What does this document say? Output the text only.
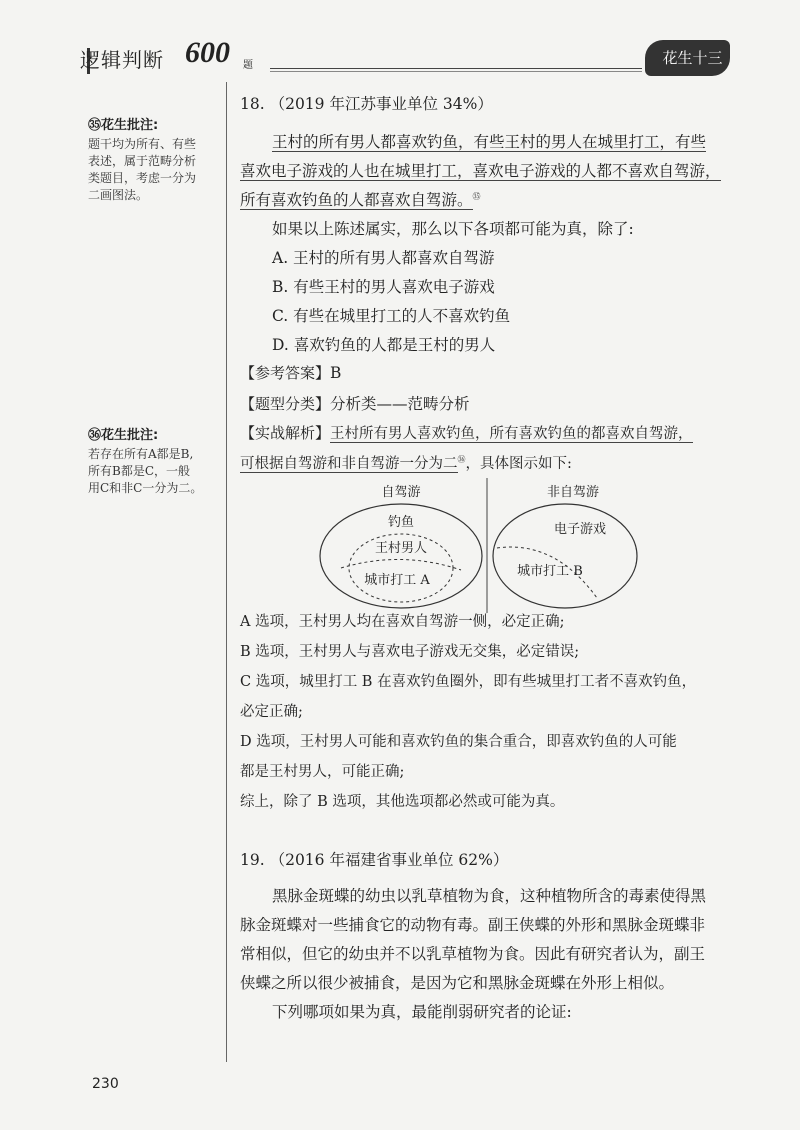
逻辑判断 600 题	花生十三
㉟花生批注:
题干均为所有、有些
表述，属于范畴分析
类题目，考虑一分为
二画图法。
㊱花生批注:
若存在所有A都是B,
所有B都是C，一般
用C和非C一分为二。
18. （2019 年江苏事业单位 34%）
王村的所有男人都喜欢钓鱼，有些王村的男人在城里打工，有些
喜欢电子游戏的人也在城里打工，喜欢电子游戏的人都不喜欢自驾游，
所有喜欢钓鱼的人都喜欢自驾游。$^㉟$
如果以上陈述属实，那么以下各项都可能为真，除了:
A. 王村的所有男人都喜欢自驾游
B. 有些王村的男人喜欢电子游戏
C. 有些在城里打工的人不喜欢钓鱼
D. 喜欢钓鱼的人都是王村的男人
【参考答案】B
【题型分类】分析类——范畴分析
【实战解析】王村所有男人喜欢钓鱼，所有喜欢钓鱼的都喜欢自驾游，
可根据自驾游和非自驾游一分为二$^㊱$，具体图示如下:
自驾游	非自驾游
钓鱼
王村男人
城市打工 A
电子游戏
城市打工 B
A 选项，王村男人均在喜欢自驾游一侧，必定正确;
B 选项，王村男人与喜欢电子游戏无交集，必定错误;
C 选项，城里打工 B 在喜欢钓鱼圈外，即有些城里打工者不喜欢钓鱼，
必定正确;
D 选项，王村男人可能和喜欢钓鱼的集合重合，即喜欢钓鱼的人可能
都是王村男人，可能正确;
综上，除了 B 选项，其他选项都必然或可能为真。
19. （2016 年福建省事业单位 62%）
黑脉金斑蝶的幼虫以乳草植物为食，这种植物所含的毒素使得黑
脉金斑蝶对一些捕食它的动物有毒。副王侠蝶的外形和黑脉金斑蝶非
常相似，但它的幼虫并不以乳草植物为食。因此有研究者认为，副王
侠蝶之所以很少被捕食，是因为它和黑脉金斑蝶在外形上相似。
下列哪项如果为真，最能削弱研究者的论证:
230
